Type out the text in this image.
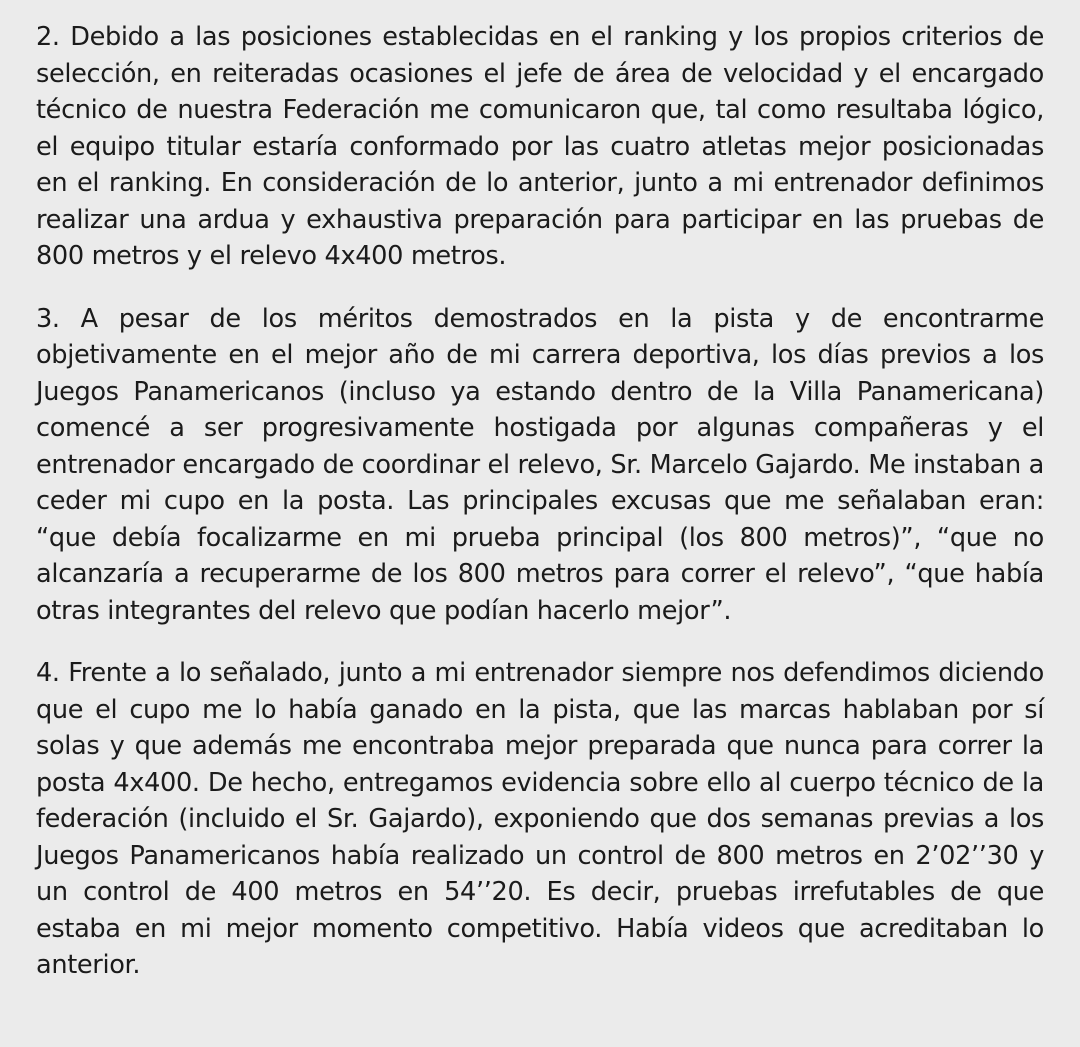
2. Debido a las posiciones establecidas en el ranking y los propios criterios de selección, en reiteradas ocasiones el jefe de área de velocidad y el encargado técnico de nuestra Federación me comunicaron que, tal como resultaba lógico, el equipo titular estaría conformado por las cuatro atletas mejor posicionadas en el ranking. En consideración de lo anterior, junto a mi entrenador definimos realizar una ardua y exhaustiva preparación para participar en las pruebas de 800 metros y el relevo 4x400 metros.

3. A pesar de los méritos demostrados en la pista y de encontrarme objetivamente en el mejor año de mi carrera deportiva, los días previos a los Juegos Panamericanos (incluso ya estando dentro de la Villa Panamericana) comencé a ser progresivamente hostigada por algunas compañeras y el entrenador encargado de coordinar el relevo, Sr. Marcelo Gajardo. Me instaban a ceder mi cupo en la posta. Las principales excusas que me señalaban eran: “que debía focalizarme en mi prueba principal (los 800 metros)”, “que no alcanzaría a recuperarme de los 800 metros para correr el relevo”, “que había otras integrantes del relevo que podían hacerlo mejor”.

4. Frente a lo señalado, junto a mi entrenador siempre nos defendimos diciendo que el cupo me lo había ganado en la pista, que las marcas hablaban por sí solas y que además me encontraba mejor preparada que nunca para correr la posta 4x400. De hecho, entregamos evidencia sobre ello al cuerpo técnico de la federación (incluido el Sr. Gajardo), exponiendo que dos semanas previas a los Juegos Panamericanos había realizado un control de 800 metros en 2’02’’30 y un control de 400 metros en 54’’20. Es decir, pruebas irrefutables de que estaba en mi mejor momento competitivo. Había videos que acreditaban lo anterior.
